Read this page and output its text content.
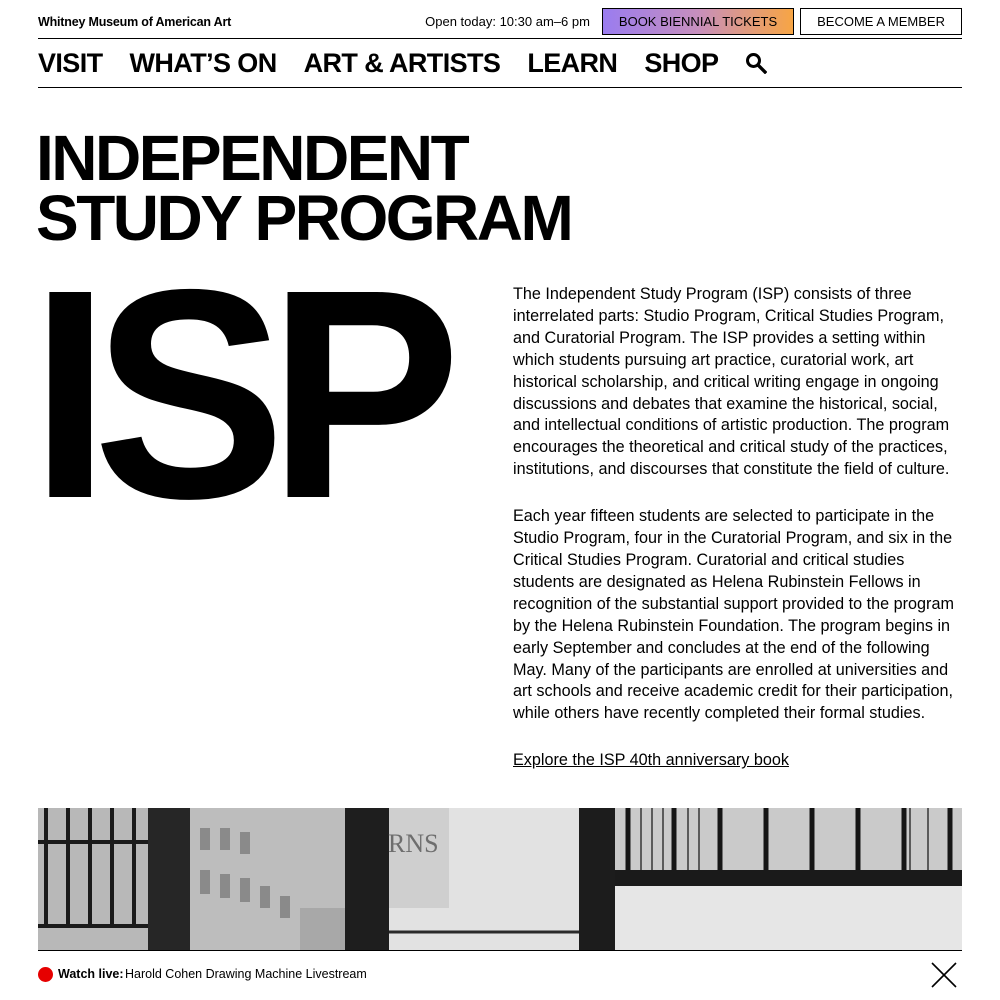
Whitney Museum of American Art	Open today: 10:30 am–6 pm	BOOK BIENNIAL TICKETS	BECOME A MEMBER
VISIT WHAT’S ON ART & ARTISTS LEARN SHOP
INDEPENDENT
STUDY PROGRAM
ISP	The Independent Study Program (ISP) consists of three interrelated parts: Studio Program, Critical Studies Program, and Curatorial Program. The ISP provides a setting within which students pursuing art practice, curatorial work, art historical scholarship, and critical writing engage in ongoing discussions and debates that examine the historical, social, and intellectual conditions of artistic production. The program encourages the theoretical and critical study of the practices, institutions, and discourses that constitute the field of culture.

Each year fifteen students are selected to participate in the Studio Program, four in the Curatorial Program, and six in the Critical Studies Program. Curatorial and critical studies students are designated as Helena Rubinstein Fellows in recognition of the substantial support provided to the program by the Helena Rubinstein Foundation. The program begins in early September and concludes at the end of the following May. Many of the participants are enrolled at universities and art schools and receive academic credit for their participation, while others have recently completed their formal studies.

Explore the ISP 40th anniversary book

RNS
Watch live: Harold Cohen Drawing Machine Livestream
